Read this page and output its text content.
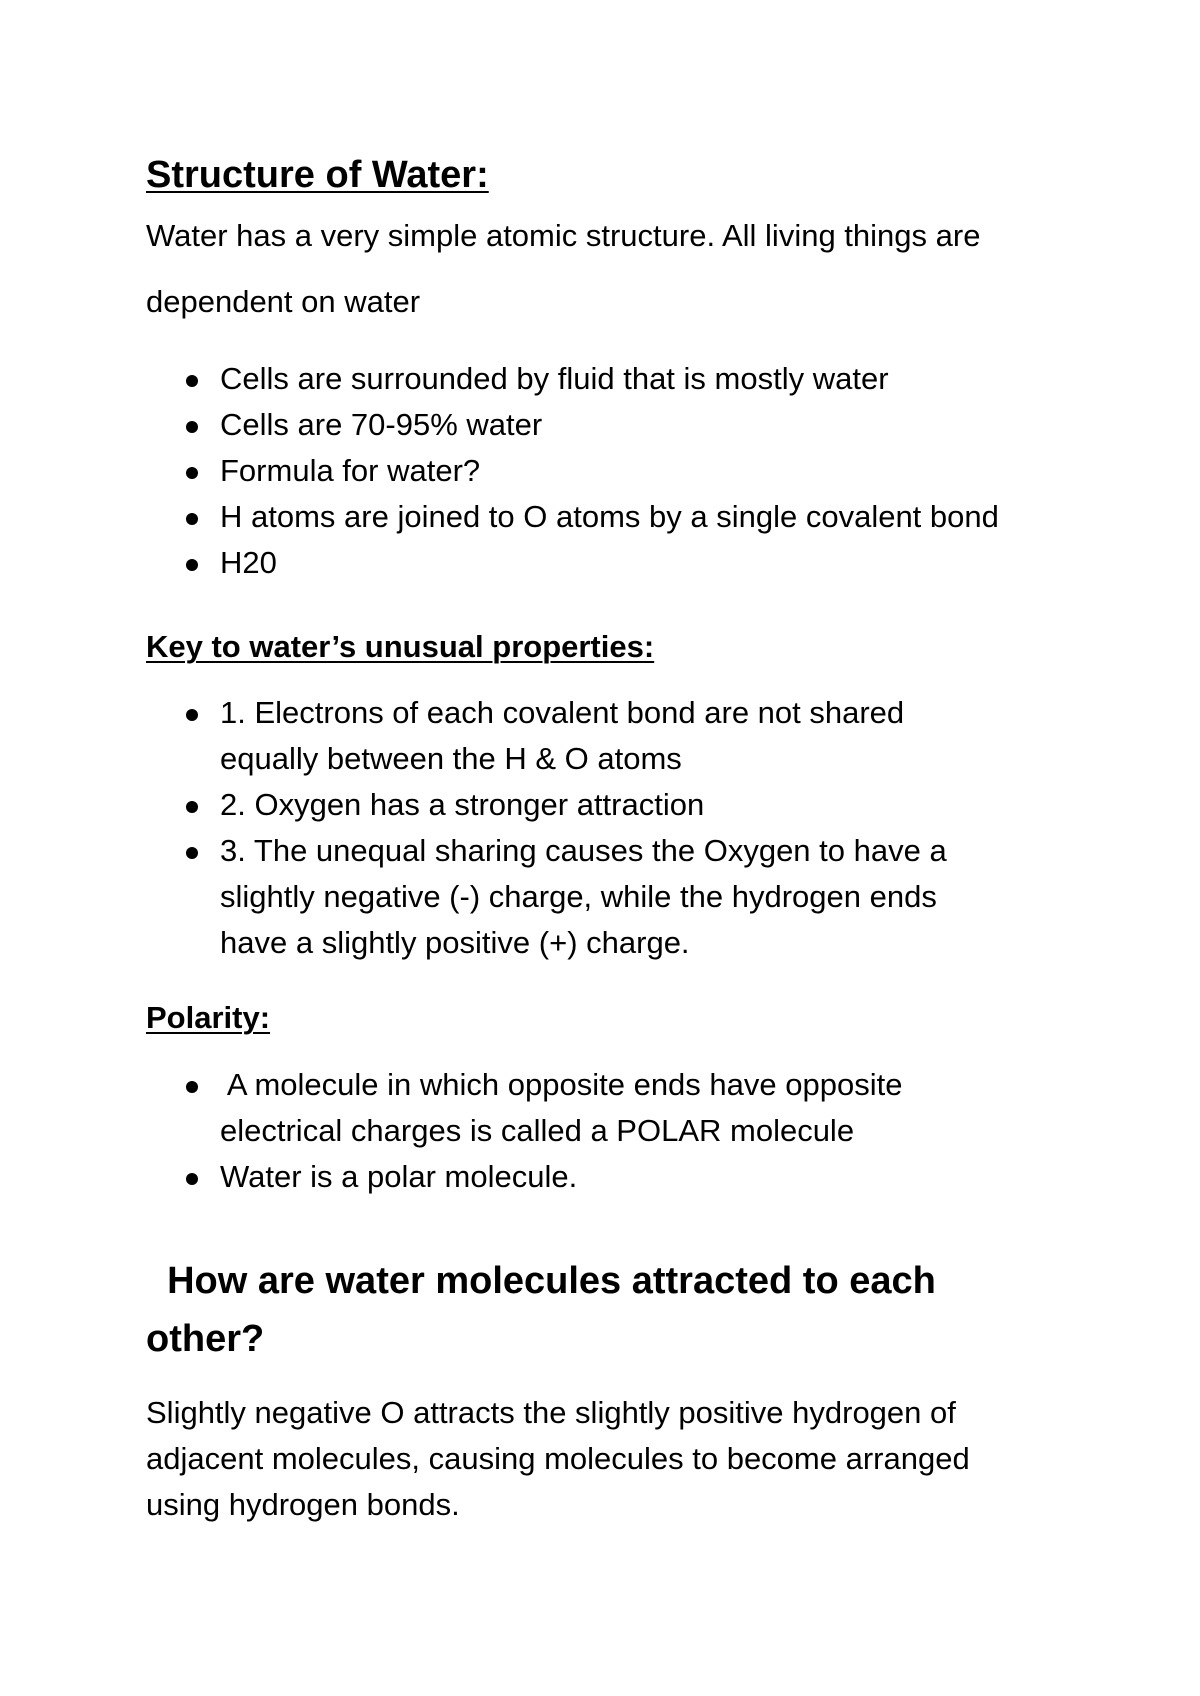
Structure of Water:

Water has a very simple atomic structure. All living things are

dependent on water

Cells are surrounded by fluid that is mostly water
Cells are 70-95% water
Formula for water?
H atoms are joined to O atoms by a single covalent bond
H20
Key to water’s unusual properties:
1. Electrons of each covalent bond are not shared
equally between the H & O atoms
2. Oxygen has a stronger attraction
3. The unequal sharing causes the Oxygen to have a
slightly negative (-) charge, while the hydrogen ends
have a slightly positive (+) charge.
Polarity:
A molecule in which opposite ends have opposite
electrical charges is called a POLAR molecule
Water is a polar molecule.
How are water molecules attracted to each
other?

Slightly negative O attracts the slightly positive hydrogen of

adjacent molecules, causing molecules to become arranged

using hydrogen bonds.
